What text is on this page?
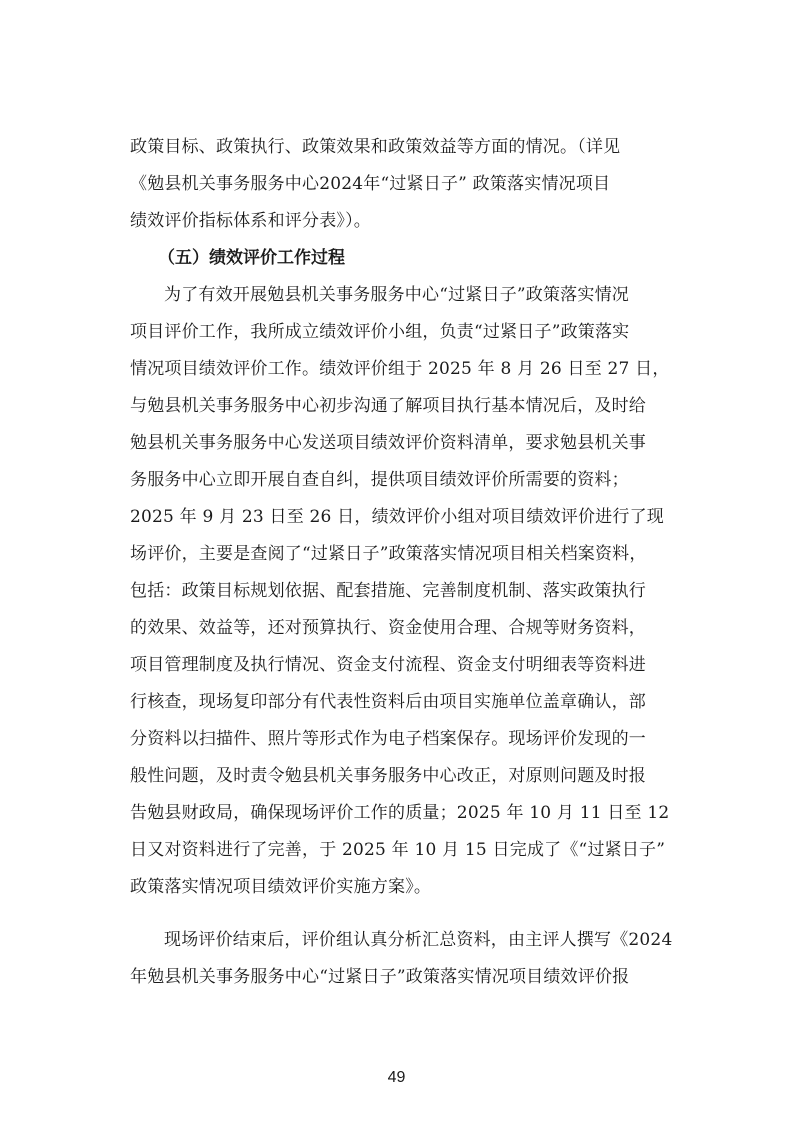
政策目标、政策执行、政策效果和政策效益等方面的情况。（详见
《勉县机关事务服务中心2024年“过紧日子” 政策落实情况项目
绩效评价指标体系和评分表》）。
（五）绩效评价工作过程
为了有效开展勉县机关事务服务中心“过紧日子”政策落实情况
项目评价工作，我所成立绩效评价小组，负责“过紧日子”政策落实
情况项目绩效评价工作。绩效评价组于 2025 年 8 月 26 日至 27 日，
与勉县机关事务服务中心初步沟通了解项目执行基本情况后，及时给
勉县机关事务服务中心发送项目绩效评价资料清单，要求勉县机关事
务服务中心立即开展自查自纠，提供项目绩效评价所需要的资料；
2025 年 9 月 23 日至 26 日，绩效评价小组对项目绩效评价进行了现
场评价，主要是查阅了“过紧日子”政策落实情况项目相关档案资料，
包括：政策目标规划依据、配套措施、完善制度机制、落实政策执行
的效果、效益等，还对预算执行、资金使用合理、合规等财务资料，
项目管理制度及执行情况、资金支付流程、资金支付明细表等资料进
行核查，现场复印部分有代表性资料后由项目实施单位盖章确认，部
分资料以扫描件、照片等形式作为电子档案保存。现场评价发现的一
般性问题，及时责令勉县机关事务服务中心改正，对原则问题及时报
告勉县财政局，确保现场评价工作的质量；2025 年 10 月 11 日至 12
日又对资料进行了完善，于 2025 年 10 月 15 日完成了《“过紧日子”
政策落实情况项目绩效评价实施方案》。
现场评价结束后，评价组认真分析汇总资料，由主评人撰写《2024
年勉县机关事务服务中心“过紧日子”政策落实情况项目绩效评价报
49
